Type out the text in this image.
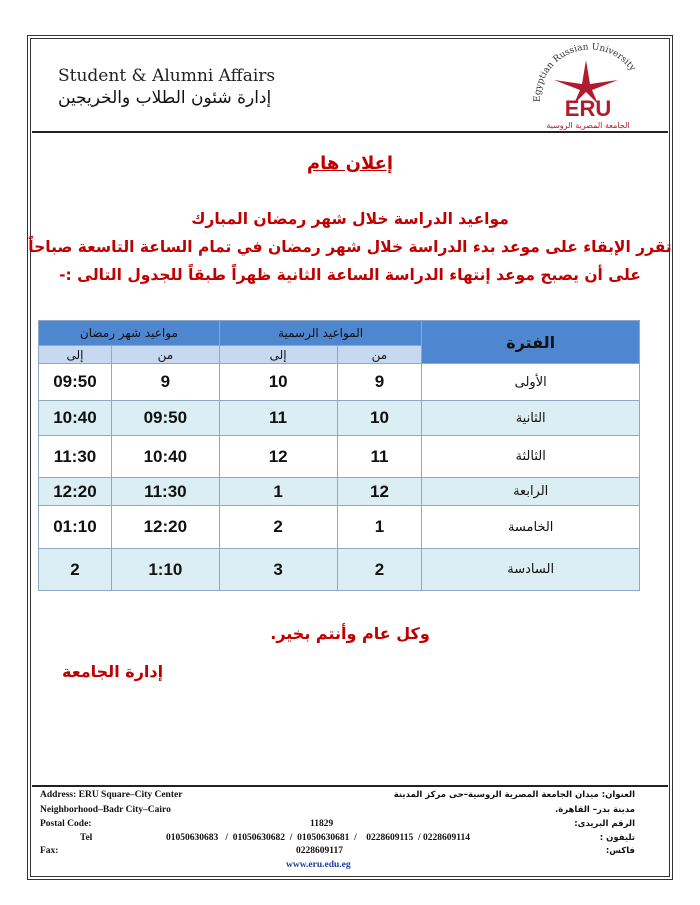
Student & Alumni Affairs
إدارة شئون الطلاب والخريجين	Egyptian Russian University
ERU
الجامعة المصرية الروسية
إعلان هام
مواعيد الدراسة خلال شهر رمضان المبارك
تقرر الإبقاء على موعد بدء الدراسة خلال شهر رمضان في تمام الساعة التاسعة صباحاً
على أن يصبح موعد إنتهاء الدراسة الساعة الثانية ظهراً طبقاً للجدول التالى :-
مواعيد شهر رمضان		المواعيد الرسمية		الفترة
إلى	من	إلى	من	
09:50	9	10	9	الأولى
10:40	09:50	11	10	الثانية
11:30	10:40	12	11	الثالثة
12:20	11:30	1	12	الرابعة
01:10	12:20	2	1	الخامسة
2	1:10	3	2	السادسة
وكل عام وأنتم بخير.
إدارة الجامعة
Address: ERU Square–City Center
Neighborhood–Badr City–Cairo
Postal Code:
Tel
Fax:
11829
01050630683   /  01050630682  /  01050630681  /    0228609115  / 0228609114
0228609117
www.eru.edu.eg
العنوان: ميدان الجامعة المصرية الروسية–حى مركز المدينة
مدينة بدر– القاهرة.
الرقم البريدى:
تليفون :
فاكس:
